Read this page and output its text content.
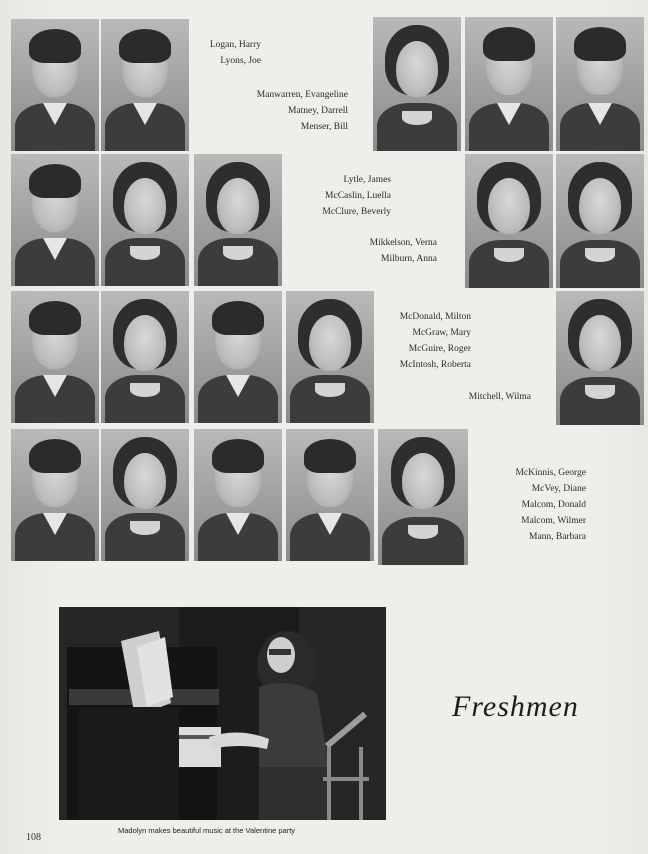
Logan, Harry
Lyons, Joe
Manwarren, Evangeline
Matney, Darrell
Menser, Bill
Lytle, James
McCaslin, Luella
McClure, Beverly
Mikkelson, Verna
Milburn, Anna
McDonald, Milton
McGraw, Mary
McGuire, Roger
McIntosh, Roberta
Mitchell, Wilma
McKinnis, George
McVey, Diane
Malcom, Donald
Malcom, Wilmer
Mann, Barbara
Freshmen
Madolyn makes beautiful music at the Valentine party
108
